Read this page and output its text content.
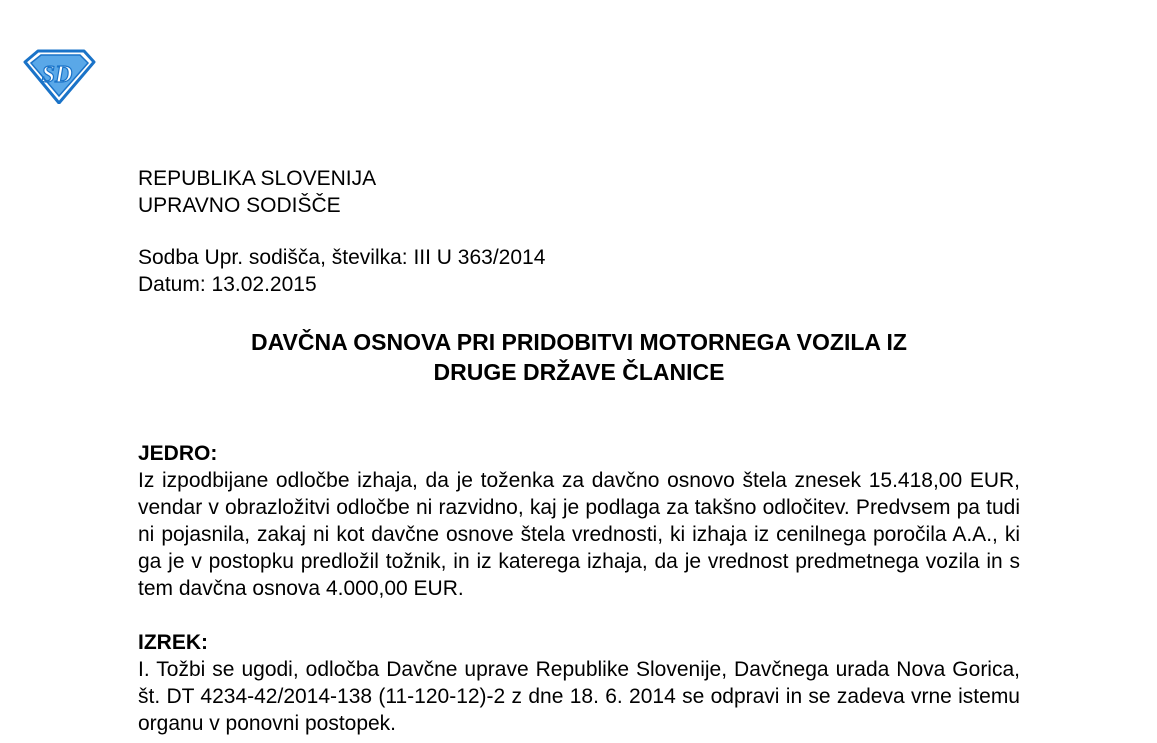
SD
REPUBLIKA SLOVENIJA
UPRAVNO SODIŠČE
Sodba Upr. sodišča, številka: III U 363/2014
Datum: 13.02.2015
DAVČNA OSNOVA PRI PRIDOBITVI MOTORNEGA VOZILA IZ
DRUGE DRŽAVE ČLANICE
JEDRO:

Iz izpodbijane odločbe izhaja, da je toženka za davčno osnovo štela znesek 15.418,00 EUR, vendar v obrazložitvi odločbe ni razvidno, kaj je podlaga za takšno odločitev. Predvsem pa tudi ni pojasnila, zakaj ni kot davčne osnove štela vrednosti, ki izhaja iz cenilnega poročila A.A., ki ga je v postopku predložil tožnik, in iz katerega izhaja, da je vrednost predmetnega vozila in s tem davčna osnova 4.000,00 EUR.

IZREK:

I. Tožbi se ugodi, odločba Davčne uprave Republike Slovenije, Davčnega urada Nova Gorica, št. DT 4234-42/2014-138 (11-120-12)-2 z dne 18. 6. 2014 se odpravi in se zadeva vrne istemu organu v ponovni postopek.
